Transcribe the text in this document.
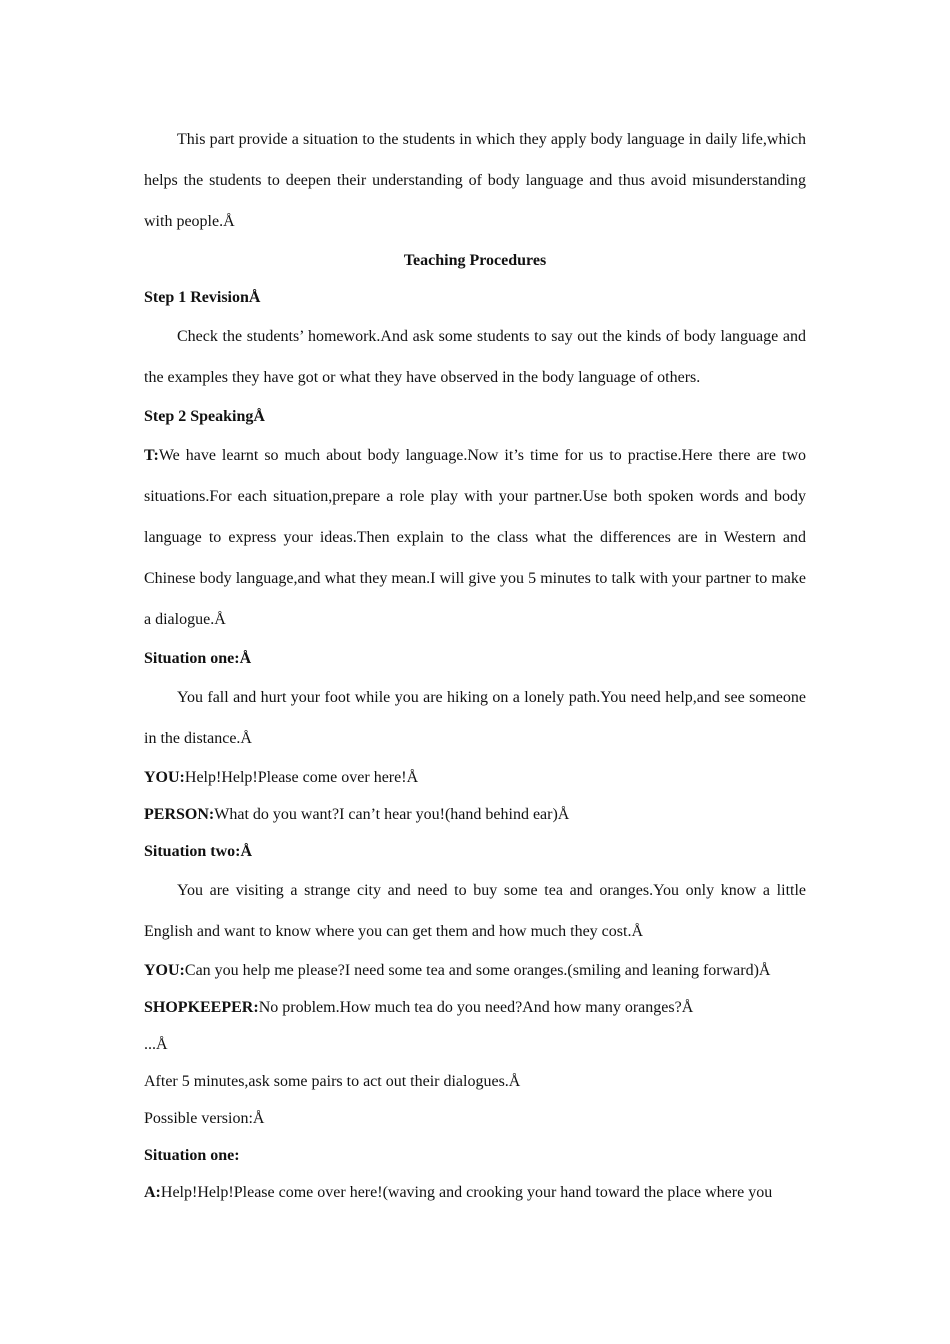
This part provide a situation to the students in which they apply body language in daily life,which helps the students to deepen their understanding of body language and thus avoid misunderstanding with people.Å

Teaching Procedures

Step 1 RevisionÅ

Check the students’ homework.And ask some students to say out the kinds of body language and the examples they have got or what they have observed in the body language of others.

Step 2 SpeakingÅ

T:We have learnt so much about body language.Now it’s time for us to practise.Here there are two situations.For each situation,prepare a role play with your partner.Use both spoken words and body language to express your ideas.Then explain to the class what the differences are in Western and Chinese body language,and what they mean.I will give you 5 minutes to talk with your partner to make a dialogue.Å

Situation one:Å

You fall and hurt your foot while you are hiking on a lonely path.You need help,and see someone in the distance.Å

YOU:Help!Help!Please come over here!Å

PERSON:What do you want?I can’t hear you!(hand behind ear)Å

Situation two:Å

You are visiting a strange city and need to buy some tea and oranges.You only know a little English and want to know where you can get them and how much they cost.Å

YOU:Can you help me please?I need some tea and some oranges.(smiling and leaning forward)Å

SHOPKEEPER:No problem.How much tea do you need?And how many oranges?Å

...Å

After 5 minutes,ask some pairs to act out their dialogues.Å

Possible version:Å

Situation one:

A:Help!Help!Please come over here!(waving and crooking your hand toward the place where you
